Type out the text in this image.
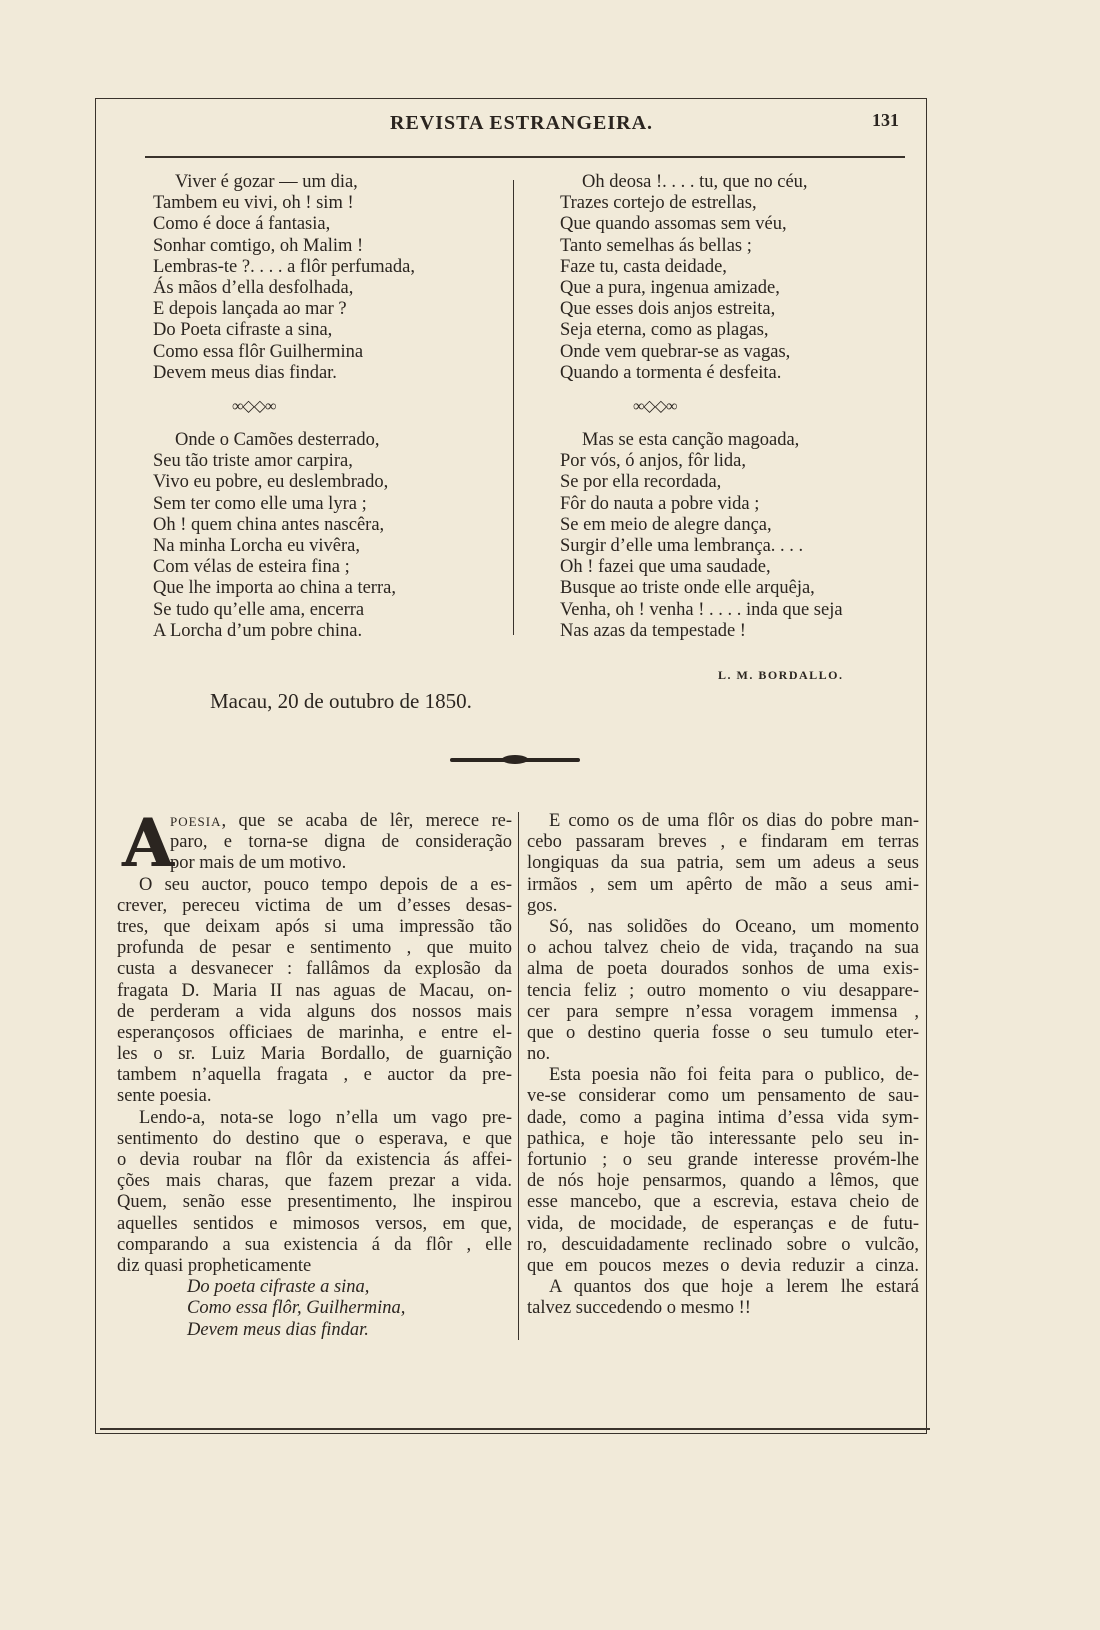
REVISTA ESTRANGEIRA.	131
Viver é gozar — um dia,
Tambem eu vivi, oh ! sim !
Como é doce á fantasia,
Sonhar comtigo, oh Malim !
Lembras-te ?. . . . a flôr perfumada,
Ás mãos d’ella desfolhada,
E depois lançada ao mar ?
Do Poeta cifraste a sina,
Como essa flôr Guilhermina
Devem meus dias findar.
∞◇◇∞
Onde o Camões desterrado,
Seu tão triste amor carpira,
Vivo eu pobre, eu deslembrado,
Sem ter como elle uma lyra ;
Oh ! quem china antes nascêra,
Na minha Lorcha eu vivêra,
Com vélas de esteira fina ;
Que lhe importa ao china a terra,
Se tudo qu’elle ama, encerra
A Lorcha d’um pobre china.
Oh deosa !. . . . tu, que no céu,
Trazes cortejo de estrellas,
Que quando assomas sem véu,
Tanto semelhas ás bellas ;
Faze tu, casta deidade,
Que a pura, ingenua amizade,
Que esses dois anjos estreita,
Seja eterna, como as plagas,
Onde vem quebrar-se as vagas,
Quando a tormenta é desfeita.
∞◇◇∞
Mas se esta canção magoada,
Por vós, ó anjos, fôr lida,
Se por ella recordada,
Fôr do nauta a pobre vida ;
Se em meio de alegre dança,
Surgir d’elle uma lembrança. . . .
Oh ! fazei que uma saudade,
Busque ao triste onde elle arquêja,
Venha, oh ! venha ! . . . . inda que seja
Nas azas da tempestade !
L. M. BORDALLO.
Macau, 20 de outubro de 1850.
A
poesia, que se acaba de lêr, merece re-
paro, e torna-se digna de consideração
por mais de um motivo.
O seu auctor, pouco tempo depois de a es-
crever, pereceu victima de um d’esses desas-
tres, que deixam após si uma impressão tão
profunda de pesar e sentimento , que muito
custa a desvanecer : fallâmos da explosão da
fragata D. Maria II nas aguas de Macau, on-
de perderam a vida alguns dos nossos mais
esperançosos officiaes de marinha, e entre el-
les o sr. Luiz Maria Bordallo, de guarnição
tambem n’aquella fragata , e auctor da pre-
sente poesia.
Lendo-a, nota-se logo n’ella um vago pre-
sentimento do destino que o esperava, e que
o devia roubar na flôr da existencia ás affei-
ções mais charas, que fazem prezar a vida.
Quem, senão esse presentimento, lhe inspirou
aquelles sentidos e mimosos versos, em que,
comparando a sua existencia á da flôr , elle
diz quasi propheticamente
Do poeta cifraste a sina,
Como essa flôr, Guilhermina,
Devem meus dias findar.
E como os de uma flôr os dias do pobre man-
cebo passaram breves , e findaram em terras
longiquas da sua patria, sem um adeus a seus
irmãos , sem um apêrto de mão a seus ami-
gos.
Só, nas solidões do Oceano, um momento
o achou talvez cheio de vida, traçando na sua
alma de poeta dourados sonhos de uma exis-
tencia feliz ; outro momento o viu desappare-
cer para sempre n’essa voragem immensa ,
que o destino queria fosse o seu tumulo eter-
no.
Esta poesia não foi feita para o publico, de-
ve-se considerar como um pensamento de sau-
dade, como a pagina intima d’essa vida sym-
pathica, e hoje tão interessante pelo seu in-
fortunio ; o seu grande interesse provém-lhe
de nós hoje pensarmos, quando a lêmos, que
esse mancebo, que a escrevia, estava cheio de
vida, de mocidade, de esperanças e de futu-
ro, descuidadamente reclinado sobre o vulcão,
que em poucos mezes o devia reduzir a cinza.
A quantos dos que hoje a lerem lhe estará
talvez succedendo o mesmo !!
